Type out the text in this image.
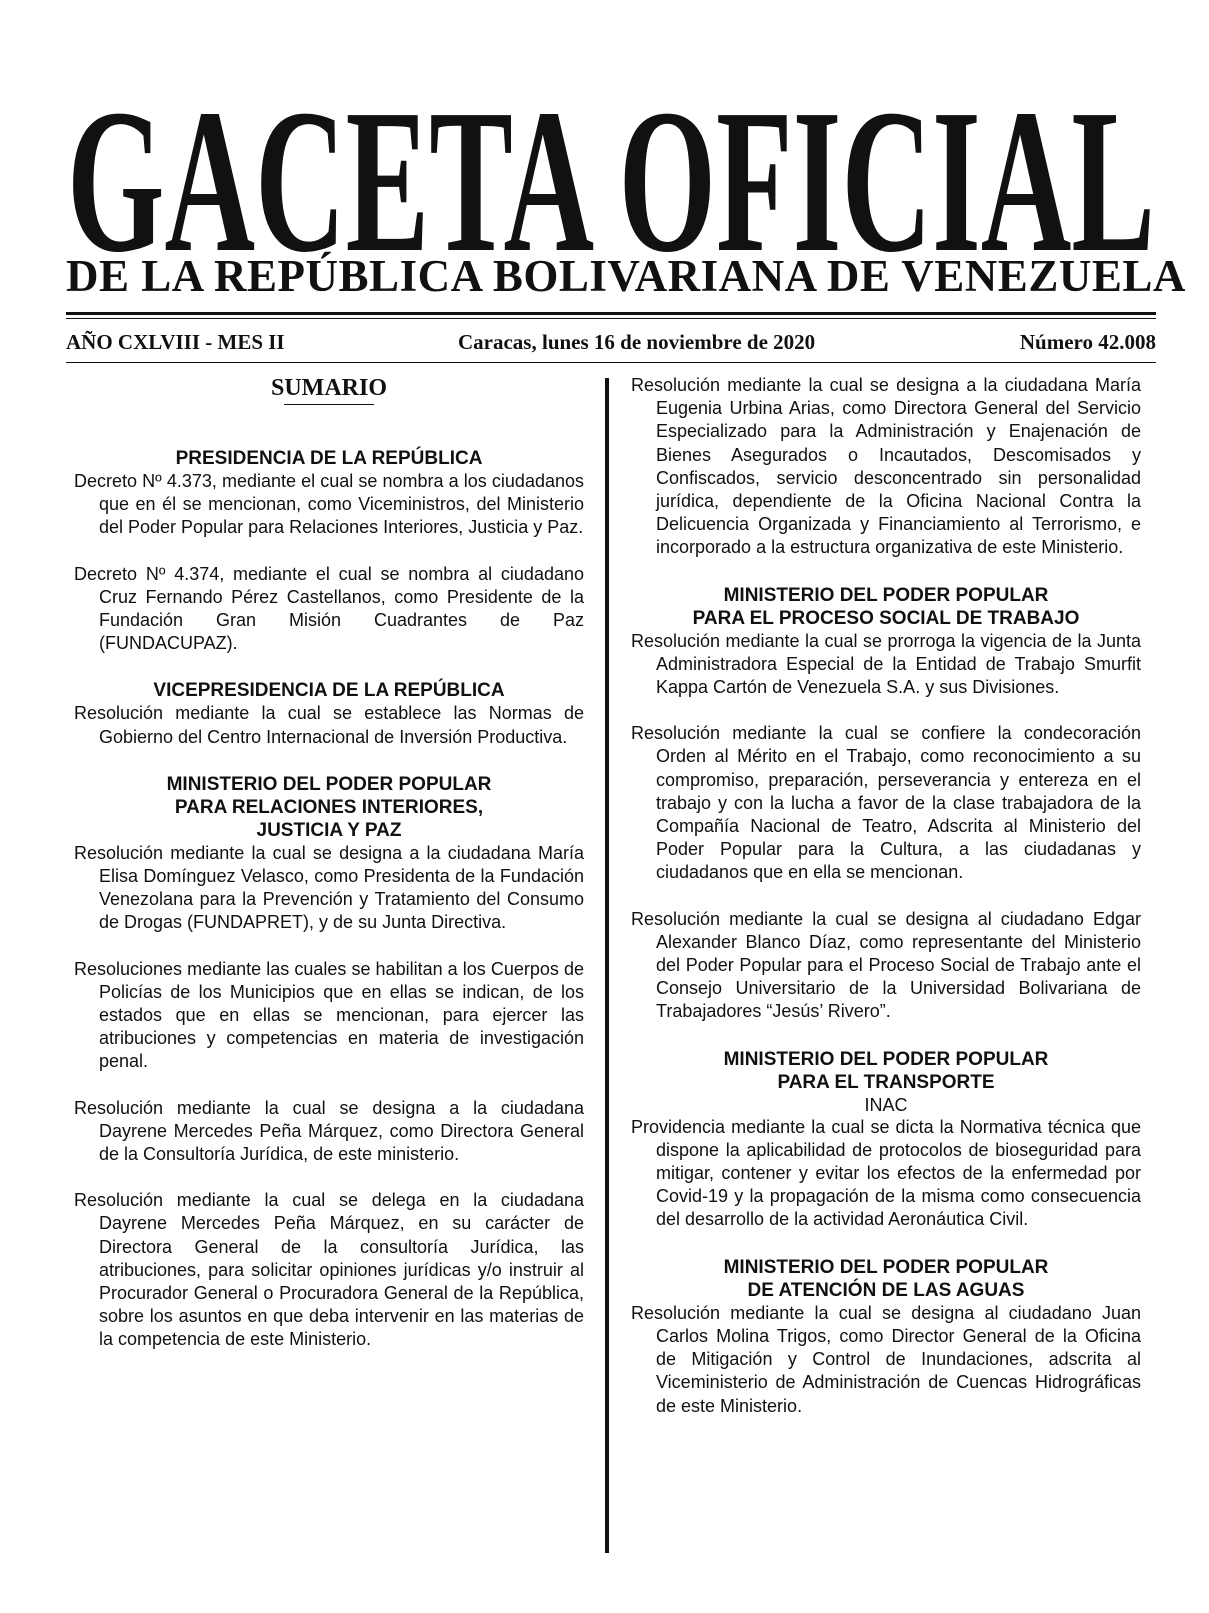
GACETA OFICIAL
DE LA REPÚBLICA BOLIVARIANA DE VENEZUELA
AÑO CXLVIII - MES II	Caracas, lunes 16 de noviembre de 2020	Número 42.008
SUMARIO

PRESIDENCIA DE LA REPÚBLICA

Decreto Nº 4.373, mediante el cual se nombra a los ciudadanos que en él se mencionan, como Viceministros, del Ministerio del Poder Popular para Relaciones Interiores, Justicia y Paz.

Decreto Nº 4.374, mediante el cual se nombra al ciudadano Cruz Fernando Pérez Castellanos, como Presidente de la Fundación Gran Misión Cuadrantes de Paz (FUNDACUPAZ).

VICEPRESIDENCIA DE LA REPÚBLICA

Resolución mediante la cual se establece las Normas de Gobierno del Centro Internacional de Inversión Productiva.

MINISTERIO DEL PODER POPULAR

PARA RELACIONES INTERIORES,

JUSTICIA Y PAZ

Resolución mediante la cual se designa a la ciudadana María Elisa Domínguez Velasco, como Presidenta de la Fundación Venezolana para la Prevención y Tratamiento del Consumo de Drogas (FUNDAPRET), y de su Junta Directiva.

Resoluciones mediante las cuales se habilitan a los Cuerpos de Policías de los Municipios que en ellas se indican, de los estados que en ellas se mencionan, para ejercer las atribuciones y competencias en materia de investigación penal.

Resolución mediante la cual se designa a la ciudadana Dayrene Mercedes Peña Márquez, como Directora General de la Consultoría Jurídica, de este ministerio.

Resolución mediante la cual se delega en la ciudadana Dayrene Mercedes Peña Márquez, en su carácter de Directora General de la consultoría Jurídica, las atribuciones, para solicitar opiniones jurídicas y/o instruir al Procurador General o Procuradora General de la República, sobre los asuntos en que deba intervenir en las materias de la competencia de este Ministerio.

Resolución mediante la cual se designa a la ciudadana María Eugenia Urbina Arias, como Directora General del Servicio Especializado para la Administración y Enajenación de Bienes Asegurados o Incautados, Descomisados y Confiscados, servicio desconcentrado sin personalidad jurídica, dependiente de la Oficina Nacional Contra la Delicuencia Organizada y Financiamiento al Terrorismo, e incorporado a la estructura organizativa de este Ministerio.

MINISTERIO DEL PODER POPULAR

PARA EL PROCESO SOCIAL DE TRABAJO

Resolución mediante la cual se prorroga la vigencia de la Junta Administradora Especial de la Entidad de Trabajo Smurfit Kappa Cartón de Venezuela S.A. y sus Divisiones.

Resolución mediante la cual se confiere la condecoración Orden al Mérito en el Trabajo, como reconocimiento a su compromiso, preparación, perseverancia y entereza en el trabajo y con la lucha a favor de la clase trabajadora de la Compañía Nacional de Teatro, Adscrita al Ministerio del Poder Popular para la Cultura, a las ciudadanas y ciudadanos que en ella se mencionan.

Resolución mediante la cual se designa al ciudadano Edgar Alexander Blanco Díaz, como representante del Ministerio del Poder Popular para el Proceso Social de Trabajo ante el Consejo Universitario de la Universidad Bolivariana de Trabajadores “Jesús’ Rivero”.

MINISTERIO DEL PODER POPULAR

PARA EL TRANSPORTE

INAC

Providencia mediante la cual se dicta la Normativa técnica que dispone la aplicabilidad de protocolos de bioseguridad para mitigar, contener y evitar los efectos de la enfermedad por Covid-19 y la propagación de la misma como consecuencia del desarrollo de la actividad Aeronáutica Civil.

MINISTERIO DEL PODER POPULAR

DE ATENCIÓN DE LAS AGUAS

Resolución mediante la cual se designa al ciudadano Juan Carlos Molina Trigos, como Director General de la Oficina de Mitigación y Control de Inundaciones, adscrita al Viceministerio de Administración de Cuencas Hidrográficas de este Ministerio.
